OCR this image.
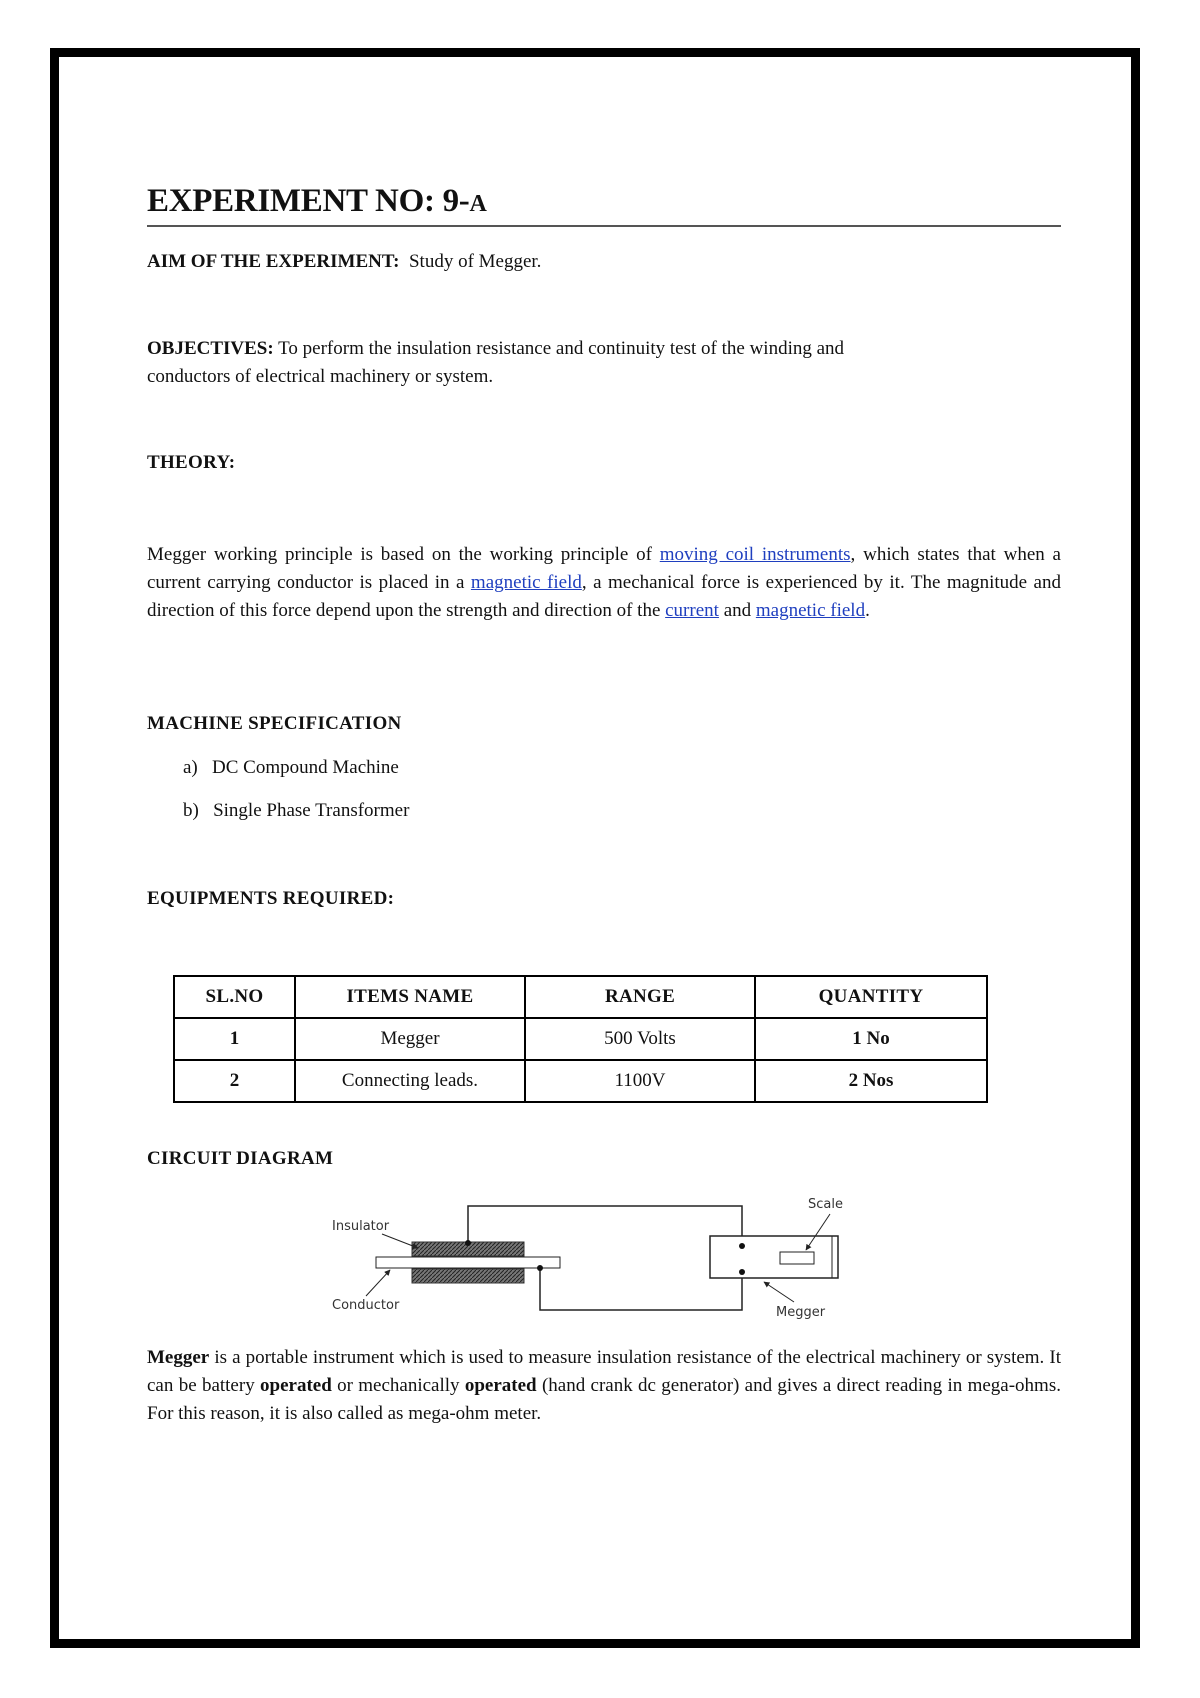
EXPERIMENT NO: 9-A
AIM OF THE EXPERIMENT: Study of Megger.
OBJECTIVES: To perform the insulation resistance and continuity test of the winding and
conductors of electrical machinery or system.
THEORY:
Megger working principle is based on the working principle of moving coil instruments, which states that when a current carrying conductor is placed in a magnetic field, a mechanical force is experienced by it. The magnitude and direction of this force depend upon the strength and direction of the current and magnetic field.
MACHINE SPECIFICATION
a) DC Compound Machine
b) Single Phase Transformer
EQUIPMENTS REQUIRED:
SL.NO	ITEMS NAME	RANGE	QUANTITY
1	Megger	500 Volts	1 No
2	Connecting leads.	1100V	2 Nos
CIRCUIT DIAGRAM
Insulator
Conductor
Scale
Megger
Megger is a portable instrument which is used to measure insulation resistance of the electrical machinery or system. It can be battery operated or mechanically operated (hand crank dc generator) and gives a direct reading in mega-ohms. For this reason, it is also called as mega-ohm meter.
